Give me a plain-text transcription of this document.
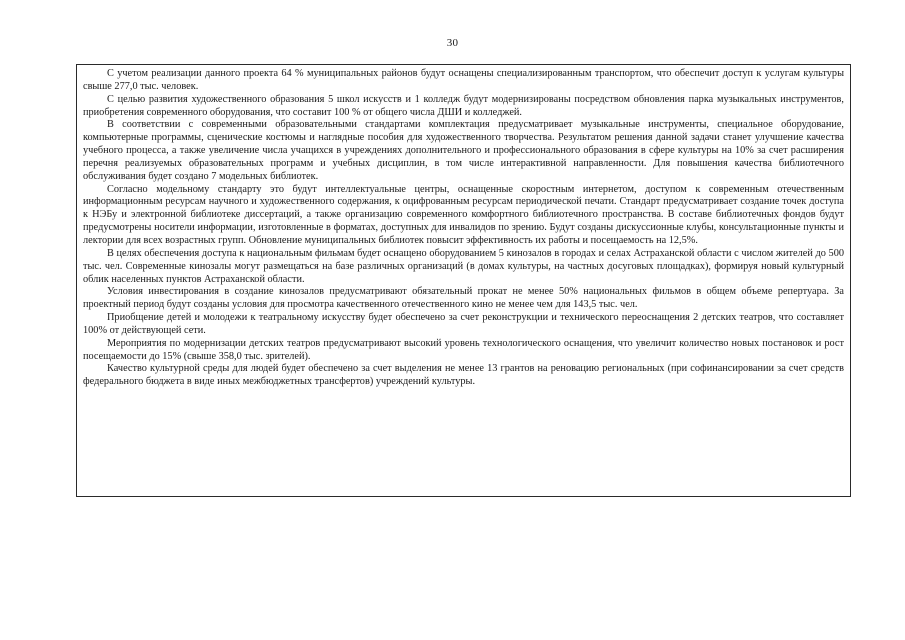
30

С учетом реализации данного проекта 64 % муниципальных районов будут оснащены специализированным транспортом, что обеспечит доступ к услугам культуры свыше 277,0 тыс. человек.

С целью развития художественного образования 5 школ искусств и 1 колледж будут модернизированы посредством обновления парка музыкальных инструментов, приобретения современного оборудования, что составит 100 % от общего числа ДШИ и колледжей.

В соответствии с современными образовательными стандартами комплектация предусматривает музыкальные инструменты, специальное оборудование, компьютерные программы, сценические костюмы и наглядные пособия для художественного творчества. Результатом решения данной задачи станет улучшение качества учебного процесса, а также увеличение числа учащихся в учреждениях дополнительного и профессионального образования в сфере культуры на 10% за счет расширения перечня реализуемых образовательных программ и учебных дисциплин, в том числе интерактивной направленности. Для повышения качества библиотечного обслуживания будет создано 7 модельных библиотек.

Согласно модельному стандарту это будут интеллектуальные центры, оснащенные скоростным интернетом, доступом к современным отечественным информационным ресурсам научного и художественного содержания, к оцифрованным ресурсам периодической печати. Стандарт предусматривает создание точек доступа к НЭБу и электронной библиотеке диссертаций, а также организацию современного комфортного библиотечного пространства. В составе библиотечных фондов будут предусмотрены носители информации, изготовленные в форматах, доступных для инвалидов по зрению. Будут созданы дискуссионные клубы, консультационные пункты и лектории для всех возрастных групп. Обновление муниципальных библиотек повысит эффективность их работы и посещаемость на 12,5%.

В целях обеспечения доступа к национальным фильмам будет оснащено оборудованием 5 кинозалов в городах и селах Астраханской области с числом жителей до 500 тыс. чел. Современные кинозалы могут размещаться на базе различных организаций (в домах культуры, на частных досуговых площадках), формируя новый культурный облик населенных пунктов Астраханской области.

Условия инвестирования в создание кинозалов предусматривают обязательный прокат не менее 50% национальных фильмов в общем объеме репертуара. За проектный период будут созданы условия для просмотра качественного отечественного кино не менее чем для 143,5 тыс. чел.

Приобщение детей и молодежи к театральному искусству будет обеспечено за счет реконструкции и технического переоснащения 2 детских театров, что составляет 100% от действующей сети.

Мероприятия по модернизации детских театров предусматривают высокий уровень технологического оснащения, что увеличит количество новых постановок и рост посещаемости до 15% (свыше 358,0 тыс. зрителей).

Качество культурной среды для людей будет обеспечено за счет выделения не менее 13 грантов на реновацию региональных (при софинансировании за счет средств федерального бюджета в виде иных межбюджетных трансфертов) учреждений культуры.
